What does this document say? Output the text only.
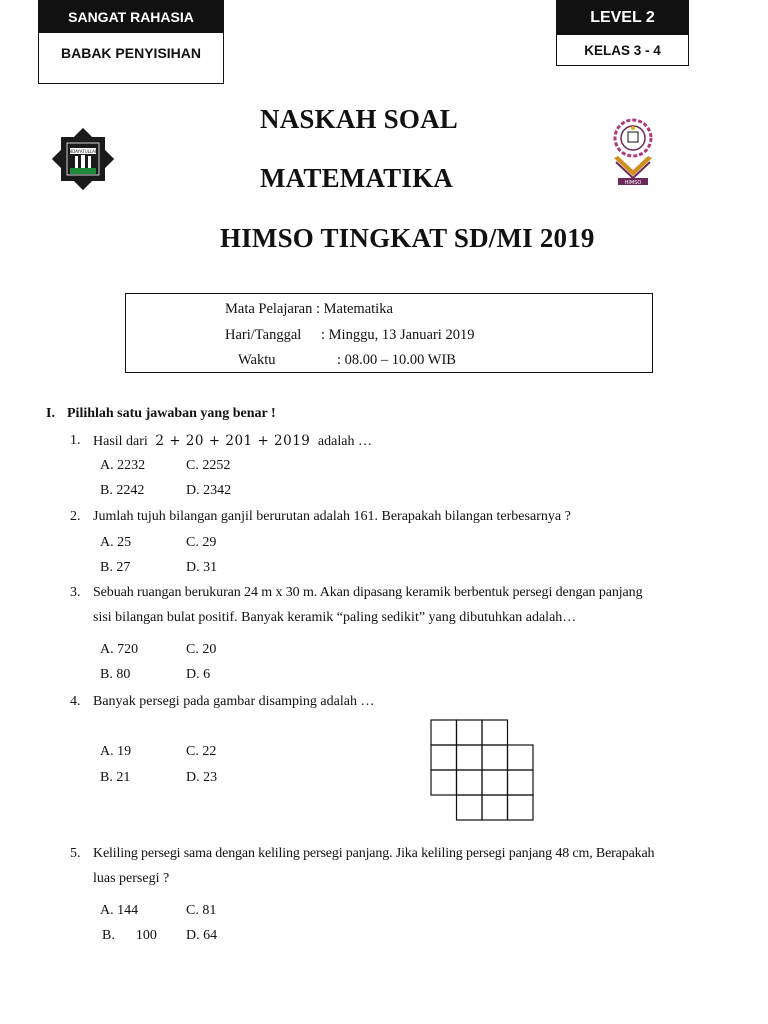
SANGAT RAHASIA
BABAK PENYISIHAN
LEVEL 2
KELAS 3 - 4
HIDAYATULLAH
HIMSO
NASKAH SOAL
MATEMATIKA
HIMSO TINGKAT SD/MI 2019
Mata Pelajaran : Matematika
Hari/Tanggal : Minggu, 13 Januari 2019
Waktu	: 08.00 – 10.00 WIB
I. Pilihlah satu jawaban yang benar !
1. Hasil dari 2 + 20 + 201 + 2019 adalah …
A. 2232	C. 2252
B. 2242	D. 2342
2. Jumlah tujuh bilangan ganjil berurutan adalah 161. Berapakah bilangan terbesarnya ?
A. 25	C. 29
B. 27	D. 31
3. Sebuah ruangan berukuran 24 m x 30 m. Akan dipasang keramik berbentuk persegi dengan panjang
sisi bilangan bulat positif. Banyak keramik “paling sedikit” yang dibutuhkan adalah…
A. 720	C. 20
B. 80	D. 6
4. Banyak persegi pada gambar disamping adalah …
A. 19	C. 22
B. 21	D. 23
5. Keliling persegi sama dengan keliling persegi panjang. Jika keliling persegi panjang 48 cm, Berapakah
luas persegi ?
A. 144	C. 81
B.      100 D. 64
